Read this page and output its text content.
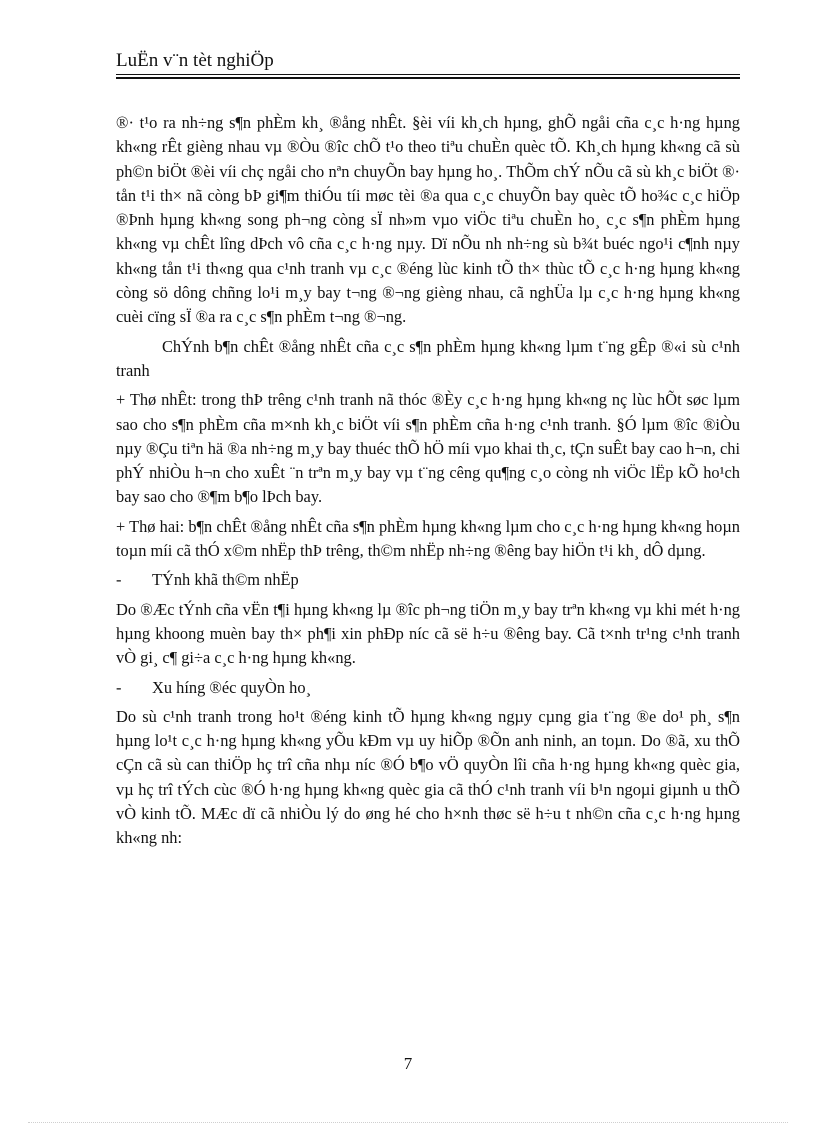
LuËn v¨n tèt nghiÖp

®· t¹o ra nh÷ng s¶n phÈm kh¸ ®ång nhÊt. §èi víi kh¸ch hµng, ghÕ ngåi cña c¸c h·ng hµng kh«ng rÊt gièng nhau vµ ®Òu ®îc chÕ t¹o theo tiªu chuÈn quèc tÕ. Kh¸ch hµng kh«ng cã sù ph©n biÖt ®èi víi chç ngåi cho nªn chuyÕn bay hµng ho¸. ThÕm chÝ nÕu cã sù kh¸c biÖt ®· tån t¹i th× nã còng bÞ gi¶m thiÓu tíi møc tèi ®a qua c¸c chuyÕn bay quèc tÕ ho¾c c¸c hiÖp ®Þnh hµng kh«ng song ph¬ng còng sÏ nh»m vµo viÖc tiªu chuÈn ho¸ c¸c s¶n phÈm hµng kh«ng vµ chÊt lîng dÞch vô cña c¸c h·ng nµy. Dï nÕu nh nh÷ng sù b¾t buéc ngo¹i c¶nh nµy kh«ng tån t¹i th«ng qua c¹nh tranh vµ c¸c ®éng lùc kinh tÕ th× thùc tÕ c¸c h·ng hµng kh«ng còng sö dông chñng lo¹i m¸y bay t¬ng ®¬ng gièng nhau, cã nghÜa lµ c¸c h·ng hµng kh«ng cuèi cïng sÏ ®a ra c¸c s¶n phÈm t¬ng ®¬ng.

ChÝnh b¶n chÊt ®ång nhÊt cña c¸c s¶n phÈm hµng kh«ng lµm t¨ng gÊp ®«i sù c¹nh tranh

+ Thø nhÊt: trong thÞ trêng c¹nh tranh nã thóc ®Èy c¸c h·ng hµng kh«ng nç lùc hÕt søc lµm sao cho s¶n phÈm cña m×nh kh¸c biÖt víi s¶n phÈm cña h·ng c¹nh tranh. §Ó lµm ®îc ®iÒu nµy ®Çu tiªn hä ®a nh÷ng m¸y bay thuéc thÕ hÖ míi vµo khai th¸c, tÇn suÊt bay cao h¬n, chi phÝ nhiÒu h¬n cho xuÊt ¨n trªn m¸y bay vµ t¨ng cêng qu¶ng c¸o còng nh viÖc lËp kÕ ho¹ch bay sao cho ®¶m b¶o lÞch bay.

+ Thø hai: b¶n chÊt ®ång nhÊt cña s¶n phÈm hµng kh«ng lµm cho c¸c h·ng hµng kh«ng hoµn toµn míi cã thÓ x©m nhËp thÞ trêng, th©m nhËp nh÷ng ®êng bay hiÖn t¹i kh¸ dÔ dµng.

- TÝnh khã th©m nhËp

Do ®Æc tÝnh cña vËn t¶i hµng kh«ng lµ ®îc ph¬ng tiÖn m¸y bay trªn kh«ng vµ khi mét h·ng hµng khoong muèn bay th× ph¶i xin phÐp níc cã së h÷u ®êng bay. Cã t×nh tr¹ng c¹nh tranh vÒ gi¸ c¶ gi÷a c¸c h·ng hµng kh«ng.

- Xu híng ®éc quyÒn ho¸

Do sù c¹nh tranh trong ho¹t ®éng kinh tÕ hµng kh«ng ngµy cµng gia t¨ng ®e do¹ ph¸ s¶n hµng lo¹t c¸c h·ng hµng kh«ng yÕu kÐm vµ uy hiÕp ®Õn anh ninh, an toµn. Do ®ã, xu thÕ cÇn cã sù can thiÖp hç trî cña nhµ níc ®Ó b¶o vÖ quyÒn lîi cña h·ng hµng kh«ng quèc gia, vµ hç trî tÝch cùc ®Ó h·ng hµng kh«ng quèc gia cã thÓ c¹nh tranh víi b¹n ngoµi giµnh u thÕ vÒ kinh tÕ. MÆc dï cã nhiÒu lý do øng hé cho h×nh thøc së h÷u t nh©n cña c¸c h·ng hµng kh«ng nh:

7
